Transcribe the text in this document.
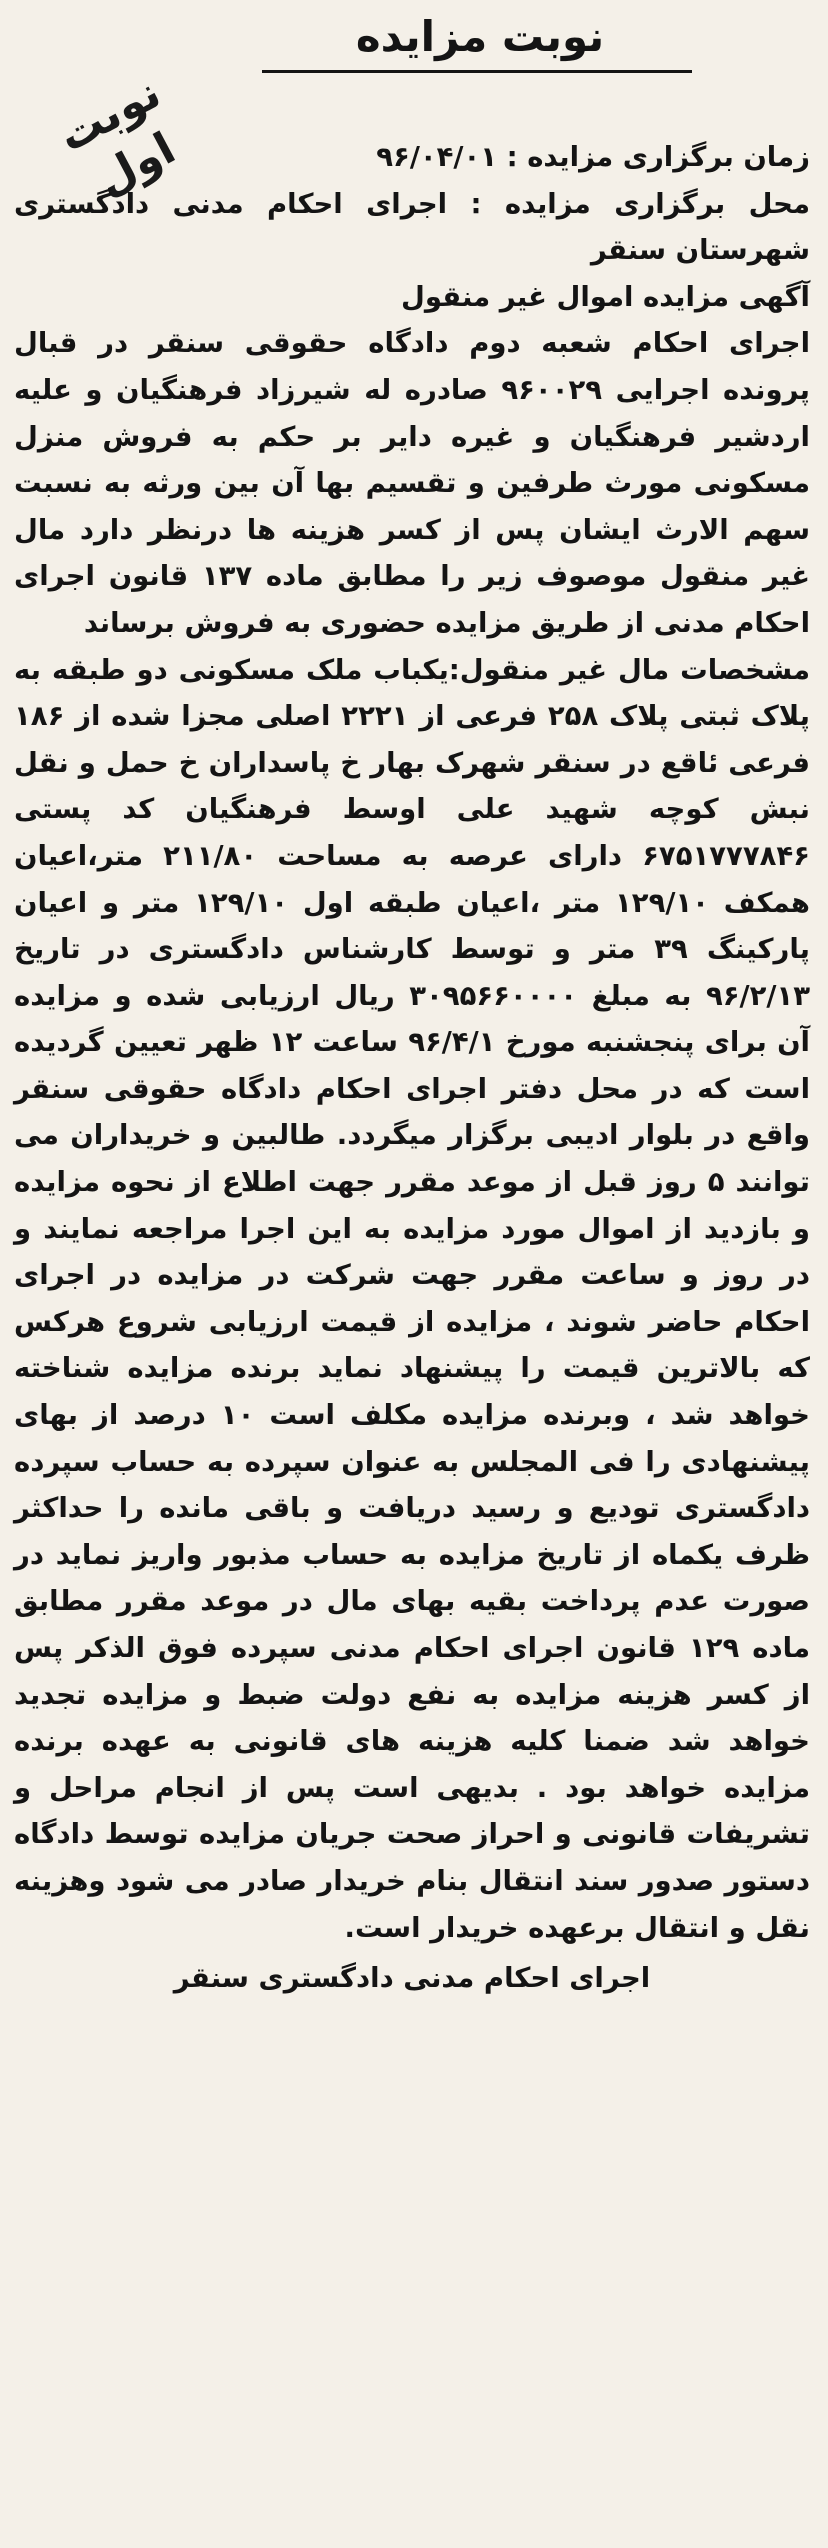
نوبت مزایده
نوبت اول	زمان برگزاری مزایده : ۹۶/۰۴/۰۱

محل برگزاری مزایده : اجرای احکام مدنی دادگستری شهرستان سنقر

آگهی مزایده اموال غیر منقول

اجرای احکام شعبه دوم دادگاه حقوقی سنقر در قبال پرونده اجرایی ۹۶۰۰۲۹ صادره له شیرزاد فرهنگیان و علیه اردشیر فرهنگیان و غیره دایر بر حکم به فروش منزل مسکونی مورث طرفین و تقسیم بها آن بین ورثه به نسبت سهم الارث ایشان پس از کسر هزینه ها درنظر دارد مال غیر منقول موصوف زیر را مطابق ماده ۱۳۷ قانون اجرای احکام مدنی از طریق مزایده حضوری به فروش برساند

مشخصات مال غیر منقول:یکباب ملک مسکونی دو طبقه به پلاک ثبتی پلاک ۲۵۸ فرعی از ۲۲۲۱ اصلی مجزا شده از ۱۸۶ فرعی ئاقع در سنقر شهرک بهار خ پاسداران خ حمل و نقل نبش کوچه شهید علی اوسط فرهنگیان کد پستی ۶۷۵۱۷۷۷۸۴۶ دارای عرصه به مساحت ۲۱۱/۸۰ متر،اعیان همکف ۱۲۹/۱۰ متر ،اعیان طبقه اول ۱۲۹/۱۰ متر و اعیان پارکینگ ۳۹ متر و توسط کارشناس دادگستری در تاریخ ۹۶/۲/۱۳ به مبلغ ۳۰۹۵۶۶۰۰۰۰ ریال ارزیابی شده و مزایده آن برای پنجشنبه مورخ ۹۶/۴/۱ ساعت ۱۲ ظهر تعیین گردیده است که در محل دفتر اجرای احکام دادگاه حقوقی سنقر واقع در بلوار ادیبی برگزار میگردد. طالبین و خریداران می توانند ۵ روز قبل از موعد مقرر جهت اطلاع از نحوه مزایده و بازدید از اموال مورد مزایده به این اجرا مراجعه نمایند و در روز و ساعت مقرر جهت شرکت در مزایده در اجرای احکام حاضر شوند ، مزایده از قیمت ارزیابی شروع هرکس که بالاترین قیمت را پیشنهاد نماید برنده مزایده شناخته خواهد شد ، وبرنده مزایده مکلف است ۱۰ درصد از بهای پیشنهادی را فی المجلس به عنوان سپرده به حساب سپرده دادگستری تودیع و رسید دریافت و باقی مانده را حداکثر ظرف یکماه از تاریخ مزایده به حساب مذبور واریز نماید در صورت عدم پرداخت بقیه بهای مال در موعد مقرر مطابق ماده ۱۲۹ قانون اجرای احکام مدنی سپرده فوق الذکر پس از کسر هزینه مزایده به نفع دولت ضبط و مزایده تجدید خواهد شد ضمنا کلیه هزینه های قانونی به عهده برنده مزایده خواهد بود . بدیهی است پس از انجام مراحل و تشریفات قانونی و احراز صحت جریان مزایده توسط دادگاه دستور صدور سند انتقال بنام خریدار صادر می شود وهزینه نقل و انتقال برعهده خریدار است.

اجرای احکام مدنی دادگستری سنقر
